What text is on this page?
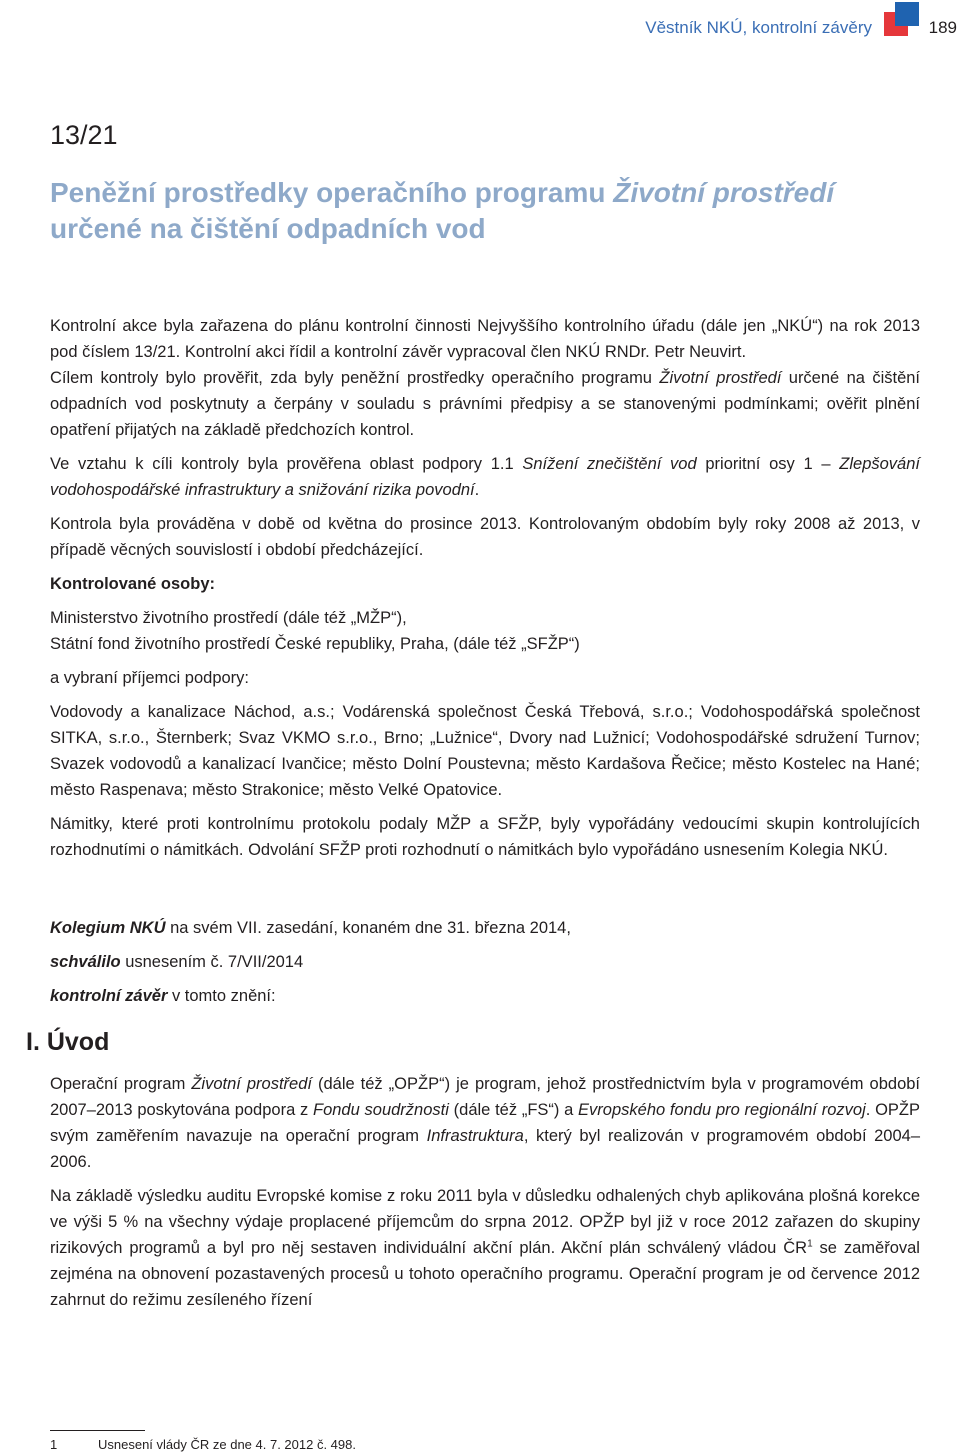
Věstník NKÚ, kontrolní závěry	189
13/21
Peněžní prostředky operačního programu Životní prostředí
určené na čištění odpadních vod

Kontrolní akce byla zařazena do plánu kontrolní činnosti Nejvyššího kontrolního úřadu (dále jen „NKÚ“) na rok 2013 pod číslem 13/21. Kontrolní akci řídil a kontrolní závěr vypracoval člen NKÚ RNDr. Petr Neuvirt.

Cílem kontroly bylo prověřit, zda byly peněžní prostředky operačního programu Životní prostředí určené na čištění odpadních vod poskytnuty a čerpány v souladu s právními předpisy a se stanovenými podmínkami; ověřit plnění opatření přijatých na základě předchozích kontrol.

Ve vztahu k cíli kontroly byla prověřena oblast podpory 1.1 Snížení znečištění vod prioritní osy 1 – Zlepšování vodohospodářské infrastruktury a snižování rizika povodní.

Kontrola byla prováděna v době od května do prosince 2013. Kontrolovaným obdobím byly roky 2008 až 2013, v případě věcných souvislostí i období předcházející.

Kontrolované osoby:

Ministerstvo životního prostředí (dále též „MŽP“),

Státní fond životního prostředí České republiky, Praha, (dále též „SFŽP“)

a vybraní příjemci podpory:

Vodovody a kanalizace Náchod, a.s.; Vodárenská společnost Česká Třebová, s.r.o.; Vodohospodářská společnost SITKA, s.r.o., Šternberk; Svaz VKMO s.r.o., Brno; „Lužnice“, Dvory nad Lužnicí; Vodohospodářské sdružení Turnov; Svazek vodovodů a kanalizací Ivančice; město Dolní Poustevna; město Kardašova Řečice; město Kostelec na Hané; město Raspenava; město Strakonice; město Velké Opatovice.

Námitky, které proti kontrolnímu protokolu podaly MŽP a SFŽP, byly vypořádány vedoucími skupin kontrolujících rozhodnutími o námitkách. Odvolání SFŽP proti rozhodnutí o námitkách bylo vypořádáno usnesením Kolegia NKÚ.

Kolegium NKÚ na svém VII. zasedání, konaném dne 31. března 2014,

schválilo usnesením č. 7/VII/2014

kontrolní závěr v tomto znění:

I. Úvod

Operační program Životní prostředí (dále též „OPŽP“) je program, jehož prostřednictvím byla v programovém období 2007–2013 poskytována podpora z Fondu soudržnosti (dále též „FS“) a Evropského fondu pro regionální rozvoj. OPŽP svým zaměřením navazuje na operační program Infrastruktura, který byl realizován v programovém období 2004–2006.

Na základě výsledku auditu Evropské komise z roku 2011 byla v důsledku odhalených chyb aplikována plošná korekce ve výši 5 % na všechny výdaje proplacené příjemcům do srpna 2012. OPŽP byl již v roce 2012 zařazen do skupiny rizikových programů a byl pro něj sestaven individuální akční plán. Akční plán schválený vládou $ČR^1$ se zaměřoval zejména na obnovení pozastavených procesů u tohoto operačního programu. Operační program je od července 2012 zahrnut do režimu zesíleného řízení

1	Usnesení vlády ČR ze dne 4. 7. 2012 č. 498.
